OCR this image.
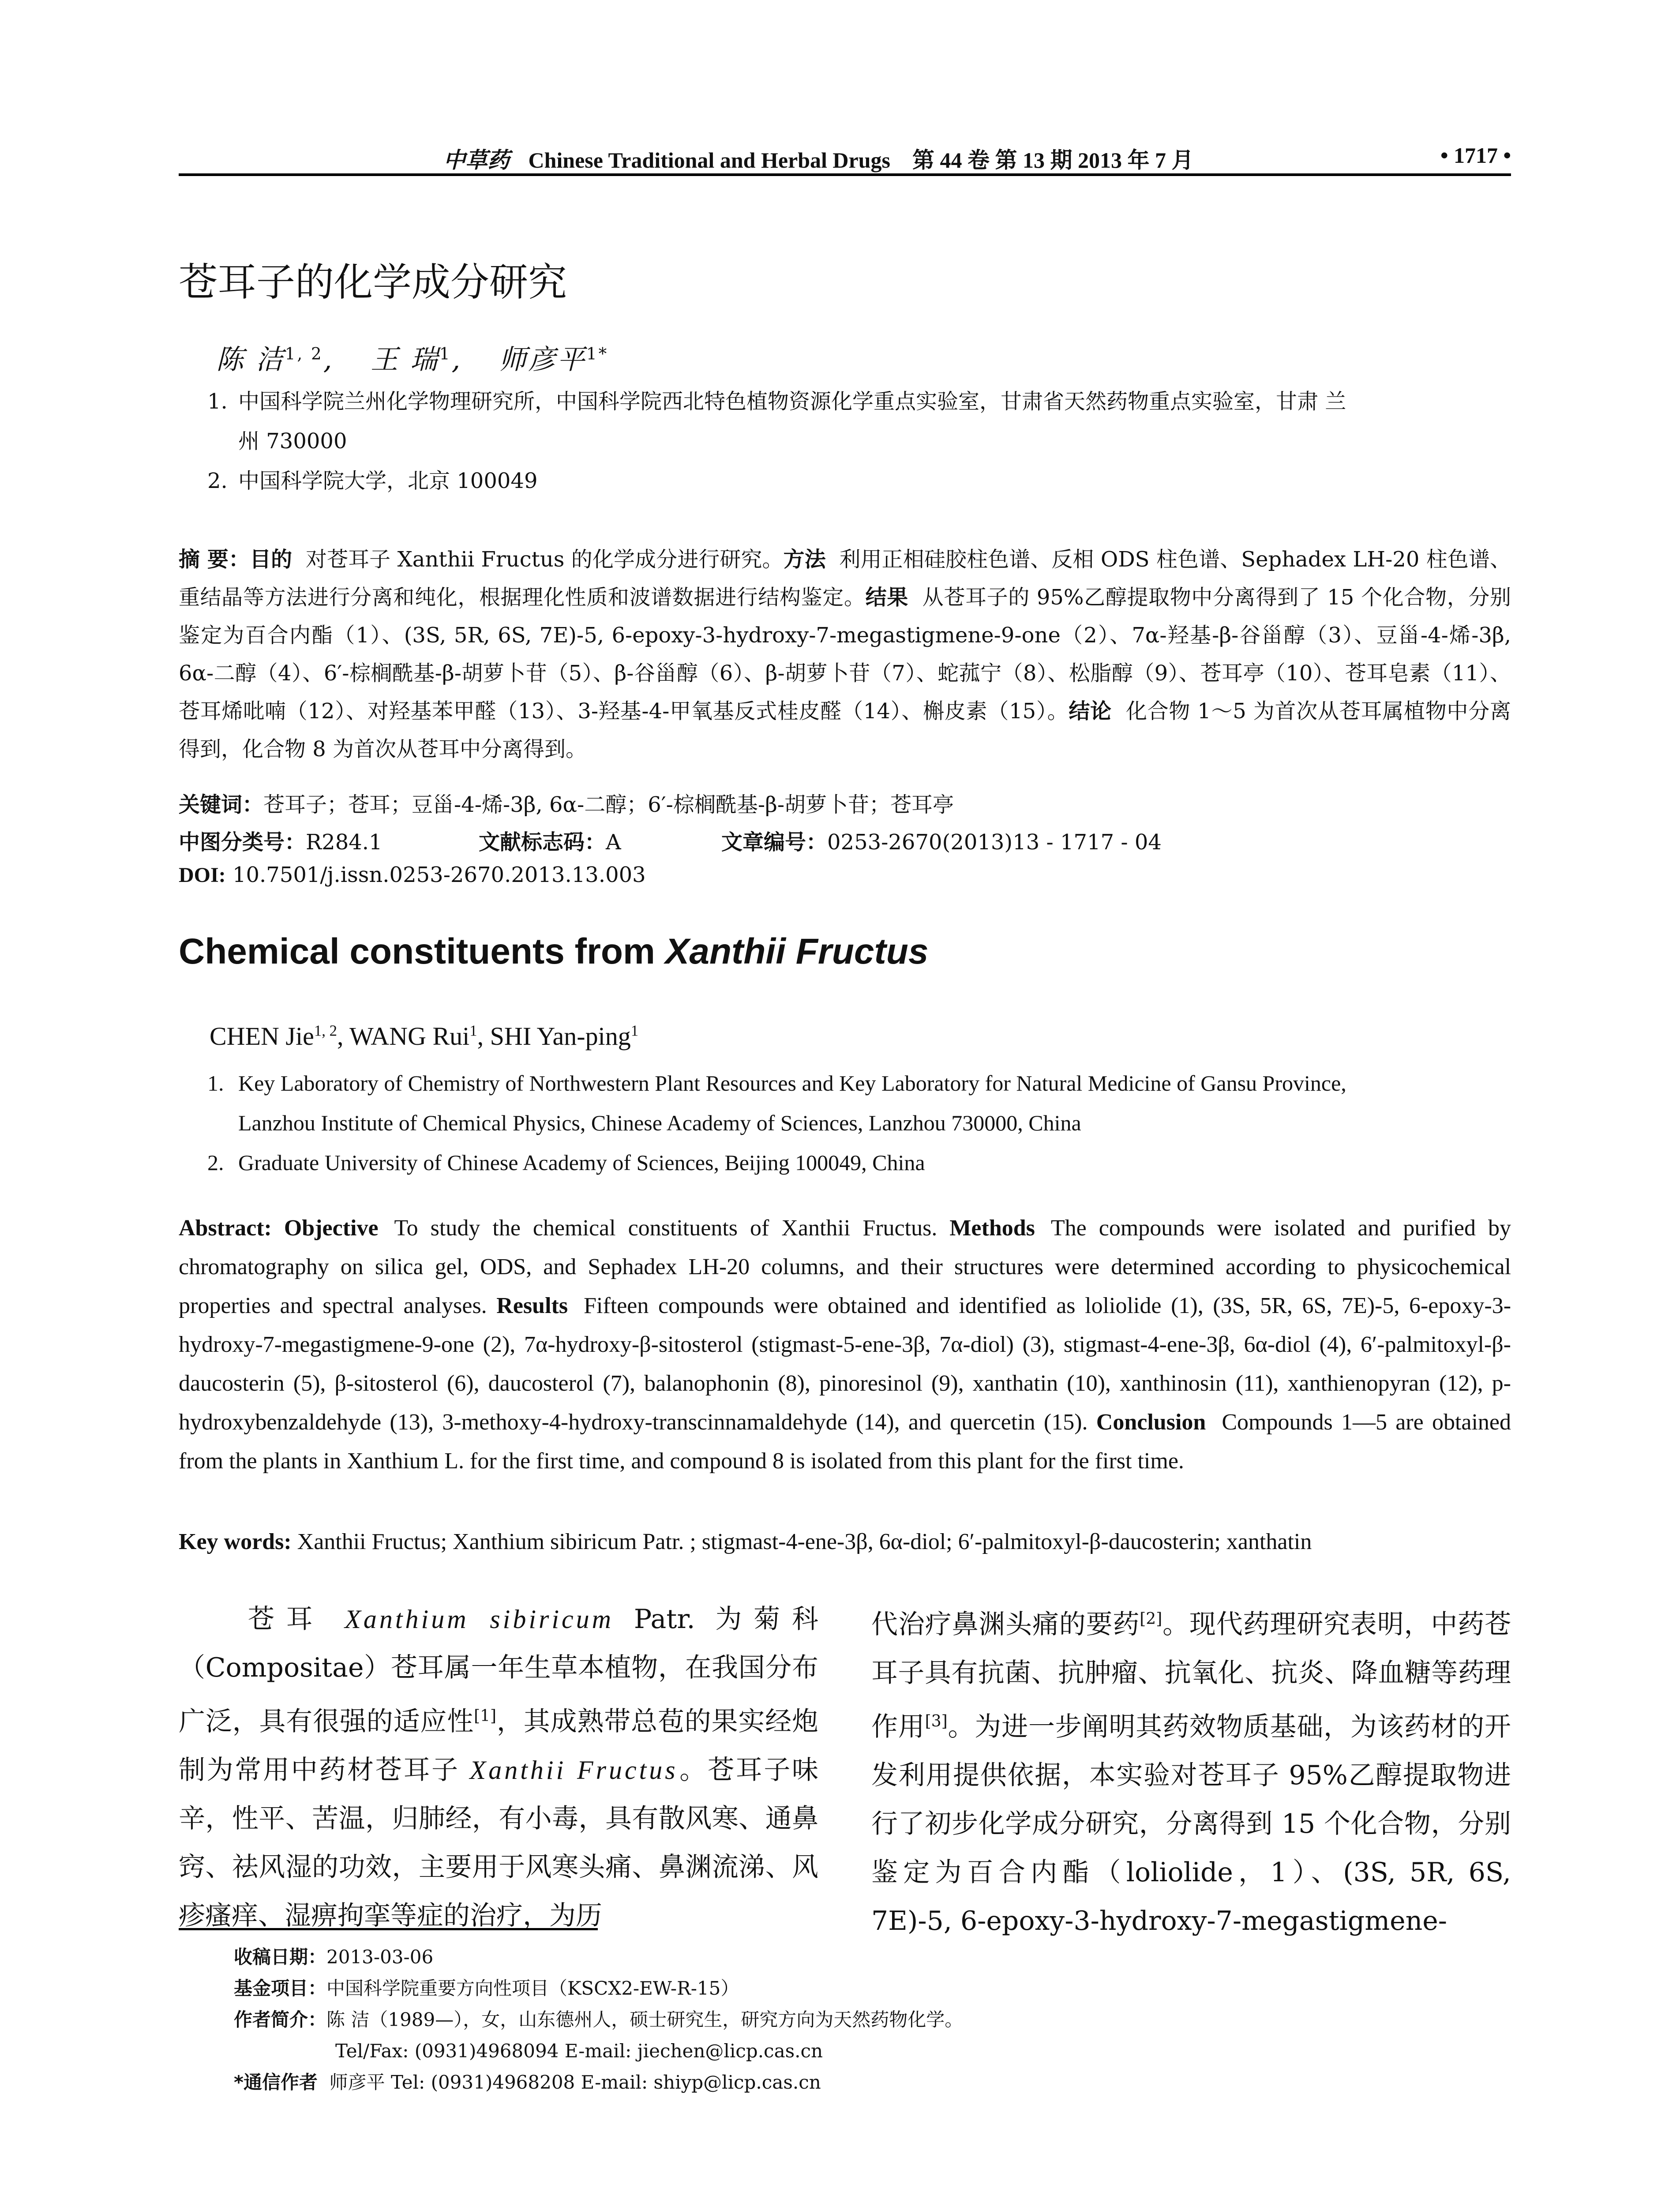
中草药 Chinese Traditional and Herbal Drugs 第 44 卷 第 13 期 2013 年 7 月	• 1717 •
苍耳子的化学成分研究
陈 洁$^{1, 2}$, 王 瑞$^1$, 师彦平$^{1*}$
1. 中国科学院兰州化学物理研究所，中国科学院西北特色植物资源化学重点实验室，甘肃省天然药物重点实验室，甘肃 兰
州 730000
2. 中国科学院大学，北京 100049
摘 要：目的 对苍耳子 Xanthii Fructus 的化学成分进行研究。方法 利用正相硅胶柱色谱、反相 ODS 柱色谱、Sephadex LH-20 柱色谱、重结晶等方法进行分离和纯化，根据理化性质和波谱数据进行结构鉴定。结果 从苍耳子的 95%乙醇提取物中分离得到了 15 个化合物，分别鉴定为百合内酯（1）、(3S, 5R, 6S, 7E)-5, 6-epoxy-3-hydroxy-7-megastigmene-9-one（2）、7α-羟基-β-谷甾醇（3）、豆甾-4-烯-3β, 6α-二醇（4）、6′-棕榈酰基-β-胡萝卜苷（5）、β-谷甾醇（6）、β-胡萝卜苷（7）、蛇菰宁（8）、松脂醇（9）、苍耳亭（10）、苍耳皂素（11）、苍耳烯吡喃（12）、对羟基苯甲醛（13）、3-羟基-4-甲氧基反式桂皮醛（14）、槲皮素（15）。结论 化合物 1～5 为首次从苍耳属植物中分离得到，化合物 8 为首次从苍耳中分离得到。
关键词：苍耳子；苍耳；豆甾-4-烯-3β, 6α-二醇；6′-棕榈酰基-β-胡萝卜苷；苍耳亭
中图分类号：R284.1	文献标志码：A	文章编号：0253-2670(2013)13 - 1717 - 04
DOI: 10.7501/j.issn.0253-2670.2013.13.003
Chemical constituents from Xanthii Fructus
CHEN Jie$^{1, 2}$, WANG Rui$^1$, SHI Yan-ping$^1$
1. Key Laboratory of Chemistry of Northwestern Plant Resources and Key Laboratory for Natural Medicine of Gansu Province,
Lanzhou Institute of Chemical Physics, Chinese Academy of Sciences, Lanzhou 730000, China
2. Graduate University of Chinese Academy of Sciences, Beijing 100049, China
Abstract: Objective To study the chemical constituents of Xanthii Fructus. Methods The compounds were isolated and purified by chromatography on silica gel, ODS, and Sephadex LH-20 columns, and their structures were determined according to physicochemical properties and spectral analyses. Results Fifteen compounds were obtained and identified as loliolide (1), (3S, 5R, 6S, 7E)-5, 6-epoxy-3-hydroxy-7-megastigmene-9-one (2), 7α-hydroxy-β-sitosterol (stigmast-5-ene-3β, 7α-diol) (3), stigmast-4-ene-3β, 6α-diol (4), 6′-palmitoxyl-β-daucosterin (5), β-sitosterol (6), daucosterol (7), balanophonin (8), pinoresinol (9), xanthatin (10), xanthinosin (11), xanthienopyran (12), p-hydroxybenzaldehyde (13), 3-methoxy-4-hydroxy-transcinnamaldehyde (14), and quercetin (15). Conclusion Compounds 1—5 are obtained from the plants in Xanthium L. for the first time, and compound 8 is isolated from this plant for the first time.
Key words: Xanthii Fructus; Xanthium sibiricum Patr. ; stigmast-4-ene-3β, 6α-diol; 6′-palmitoxyl-β-daucosterin; xanthatin
苍耳 Xanthium sibiricum Patr. 为菊科（Compositae）苍耳属一年生草本植物，在我国分布广泛，具有很强的适应性[1]，其成熟带总苞的果实经炮制为常用中药材苍耳子 Xanthii Fructus。苍耳子味辛，性平、苦温，归肺经，有小毒，具有散风寒、通鼻窍、祛风湿的功效，主要用于风寒头痛、鼻渊流涕、风疹瘙痒、湿痹拘挛等症的治疗，为历
代治疗鼻渊头痛的要药[2]。现代药理研究表明，中药苍耳子具有抗菌、抗肿瘤、抗氧化、抗炎、降血糖等药理作用[3]。为进一步阐明其药效物质基础，为该药材的开发利用提供依据，本实验对苍耳子 95%乙醇提取物进行了初步化学成分研究，分离得到 15 个化合物，分别鉴定为百合内酯（loliolide，1）、(3S, 5R, 6S, 7E)-5, 6-epoxy-3-hydroxy-7-megastigmene-
收稿日期：2013-03-06
基金项目：中国科学院重要方向性项目（KSCX2-EW-R-15）
作者简介：陈 洁（1989—），女，山东德州人，硕士研究生，研究方向为天然药物化学。
Tel/Fax: (0931)4968094 E-mail: jiechen@licp.cas.cn
*通信作者 师彦平 Tel: (0931)4968208 E-mail: shiyp@licp.cas.cn
